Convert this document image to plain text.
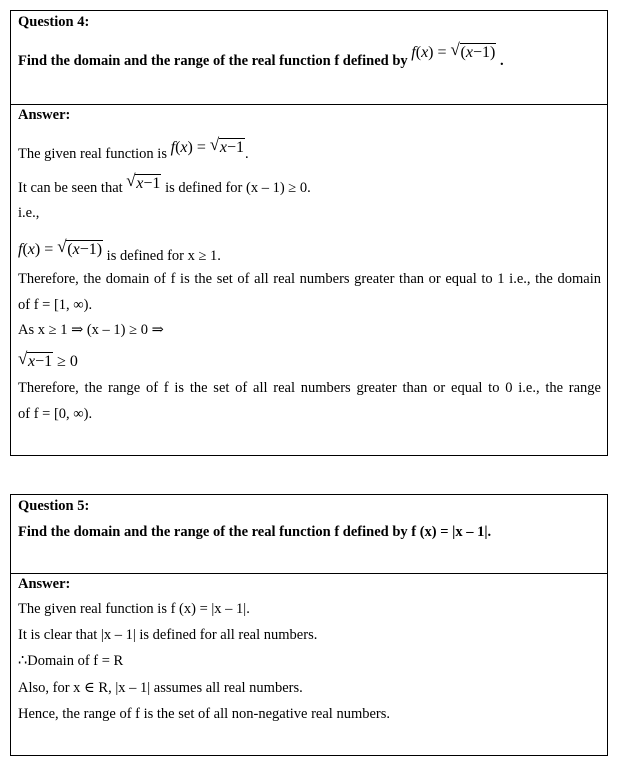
Question 4:
Find the domain and the range of the real function f defined by f(x) = √ (x−1) .
Answer:
The given real function is f(x) = √ x−1.
It can be seen that √ x−1 is defined for (x – 1) ≥ 0.
i.e.,
f(x) = √ (x−1) is defined for x ≥ 1.
Therefore, the domain of f is the set of all real numbers greater than or equal to 1 i.e., the domain
of f = [1, ∞).
As x ≥ 1 ⇒ (x – 1) ≥ 0 ⇒
√ x−1 ≥ 0
Therefore, the range of f is the set of all real numbers greater than or equal to 0 i.e., the range
of f = [0, ∞).
Question 5:
Find the domain and the range of the real function f defined by f (x) = |x – 1|.
Answer:
The given real function is f (x) = |x – 1|.
It is clear that |x – 1| is defined for all real numbers.
∴Domain of f = R
Also, for x ∈ R, |x – 1| assumes all real numbers.
Hence, the range of f is the set of all non-negative real numbers.
